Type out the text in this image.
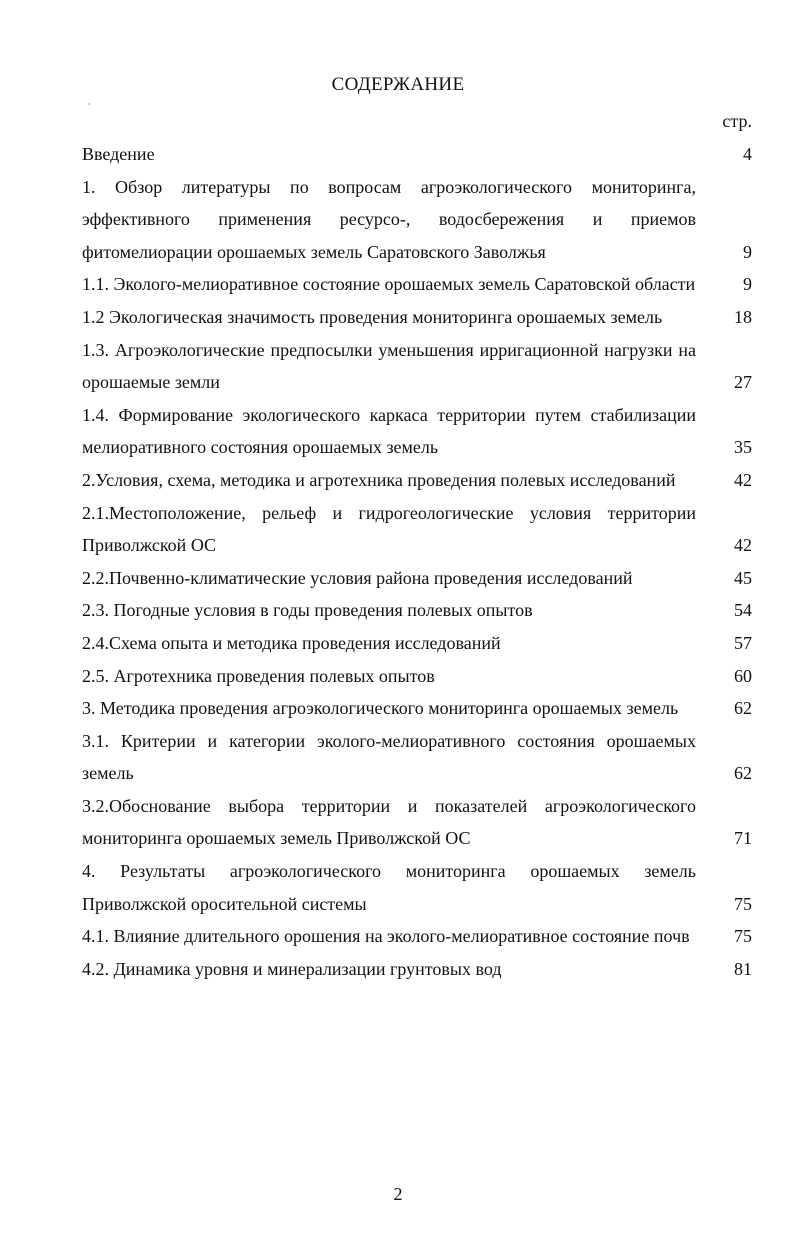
СОДЕРЖАНИЕ
стр.
Введение	4
1. Обзор литературы по вопросам агроэкологического мониторинга, эффективного применения ресурсо-, водосбережения и приемов фитомелиорации орошаемых земель Саратовского Заволжья	9
1.1. Эколого-мелиоративное состояние орошаемых земель Саратовской области	9
1.2 Экологическая значимость проведения мониторинга орошаемых земель	18
1.3. Агроэкологические предпосылки уменьшения ирригационной нагрузки на орошаемые земли	27
1.4. Формирование экологического каркаса территории путем стабилизации мелиоративного состояния орошаемых земель	35
2.Условия, схема, методика и агротехника проведения полевых исследований	42
2.1.Местоположение, рельеф и гидрогеологические условия территории Приволжской ОС	42
2.2.Почвенно-климатические условия района проведения исследований	45
2.3. Погодные условия в годы проведения полевых опытов	54
2.4.Схема опыта и методика проведения исследований	57
2.5. Агротехника проведения полевых опытов	60
3. Методика проведения агроэкологического мониторинга орошаемых земель	62
3.1. Критерии и категории эколого-мелиоративного состояния орошаемых земель	62
3.2.Обоснование выбора территории и показателей агроэкологического мониторинга орошаемых земель Приволжской ОС	71
4. Результаты агроэкологического мониторинга орошаемых земель Приволжской оросительной системы	75
4.1. Влияние длительного орошения на эколого-мелиоративное состояние почв	75
4.2. Динамика уровня и минерализации грунтовых вод	81
2
